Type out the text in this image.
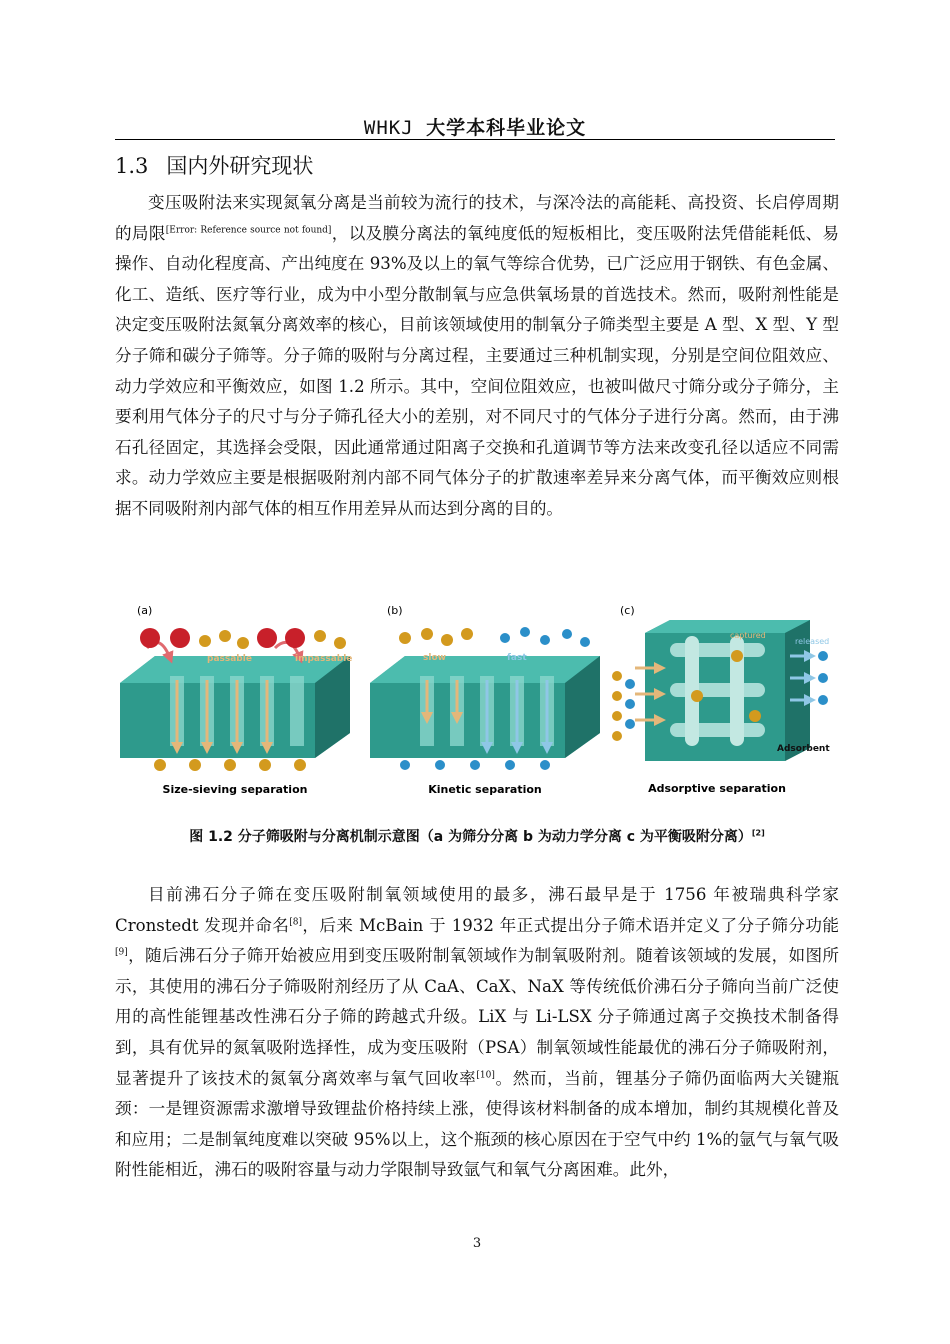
WHKJ 大学本科毕业论文
1.3 国内外研究现状

变压吸附法来实现氮氧分离是当前较为流行的技术，与深冷法的高能耗、高投资、长启停周期的局限[Error: Reference source not found]，以及膜分离法的氧纯度低的短板相比，变压吸附法凭借能耗低、易操作、自动化程度高、产出纯度在 93%及以上的氧气等综合优势，已广泛应用于钢铁、有色金属、化工、造纸、医疗等行业，成为中小型分散制氧与应急供氧场景的首选技术。然而，吸附剂性能是决定变压吸附法氮氧分离效率的核心，目前该领域使用的制氧分子筛类型主要是 A 型、X 型、Y 型分子筛和碳分子筛等。分子筛的吸附与分离过程，主要通过三种机制实现，分别是空间位阻效应、动力学效应和平衡效应，如图 1.2 所示。其中，空间位阻效应，也被叫做尺寸筛分或分子筛分，主要利用气体分子的尺寸与分子筛孔径大小的差别，对不同尺寸的气体分子进行分离。然而，由于沸石孔径固定，其选择会受限，因此通常通过阳离子交换和孔道调节等方法来改变孔径以适应不同需求。动力学效应主要是根据吸附剂内部不同气体分子的扩散速率差异来分离气体，而平衡效应则根据不同吸附剂内部气体的相互作用差异从而达到分离的目的。

(a)
passable	impassable
Size-sieving separation
(b)
slow	fast
Kinetic separation
(c)
captured
released
Adsorbent
Adsorptive separation
图 1.2 分子筛吸附与分离机制示意图（a 为筛分分离 b 为动力学分离 c 为平衡吸附分离）[2]

目前沸石分子筛在变压吸附制氧领域使用的最多，沸石最早是于 1756 年被瑞典科学家 Cronstedt 发现并命名[8]，后来 McBain 于 1932 年正式提出分子筛术语并定义了分子筛分功能[9]，随后沸石分子筛开始被应用到变压吸附制氧领域作为制氧吸附剂。随着该领域的发展，如图所示，其使用的沸石分子筛吸附剂经历了从 CaA、CaX、NaX 等传统低价沸石分子筛向当前广泛使用的高性能锂基改性沸石分子筛的跨越式升级。LiX 与 Li-LSX 分子筛通过离子交换技术制备得到，具有优异的氮氧吸附选择性，成为变压吸附（PSA）制氧领域性能最优的沸石分子筛吸附剂，显著提升了该技术的氮氧分离效率与氧气回收率[10]。然而，当前，锂基分子筛仍面临两大关键瓶颈：一是锂资源需求激增导致锂盐价格持续上涨，使得该材料制备的成本增加，制约其规模化普及和应用；二是制氧纯度难以突破 95%以上，这个瓶颈的核心原因在于空气中约 1%的氩气与氧气吸附性能相近，沸石的吸附容量与动力学限制导致氩气和氧气分离困难。此外，

3
